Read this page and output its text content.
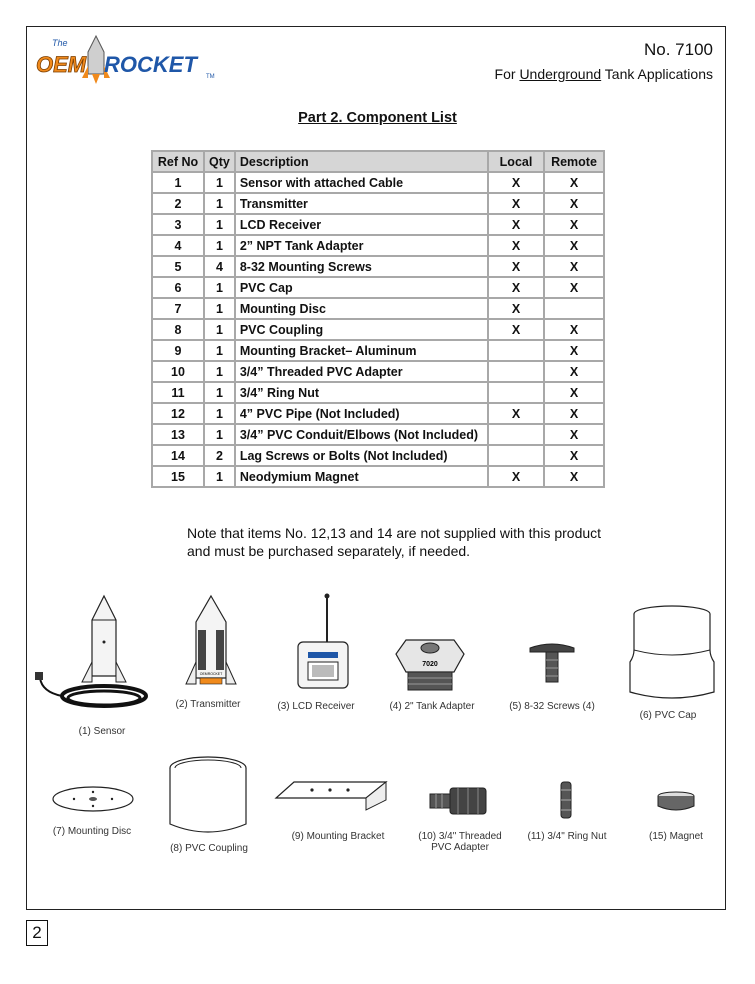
The
OEM ROCKET TM
No. 7100
For Underground Tank Applications
Part 2. Component List
Ref No	Qty	Description	Local	Remote
1	1	Sensor with attached Cable	X	X
2	1	Transmitter	X	X
3	1	LCD Receiver	X	X
4	1	2” NPT Tank Adapter	X	X
5	4	8-32 Mounting Screws	X	X
6	1	PVC Cap	X	X
7	1	Mounting Disc	X	
8	1	PVC Coupling	X	X
9	1	Mounting Bracket– Aluminum		X
10	1	3/4” Threaded PVC Adapter		X
11	1	3/4” Ring Nut		X
12	1	4” PVC Pipe (Not Included)	X	X
13	1	3/4” PVC Conduit/Elbows (Not Included)		X
14	2	Lag Screws or Bolts (Not Included)		X
15	1	Neodymium Magnet	X	X
Note that items No. 12,13 and 14 are not supplied with this product and must be purchased separately, if needed.
(1) Sensor
OEMROCKET
(2) Transmitter	(3) LCD Receiver
7020
(4) 2" Tank Adapter	(5) 8-32 Screws (4)
(6) PVC Cap
(7) Mounting Disc
(8) PVC Coupling
(9) Mounting Bracket	(10) 3/4" Threaded
PVC Adapter
(11) 3/4" Ring Nut	(15) Magnet
2
